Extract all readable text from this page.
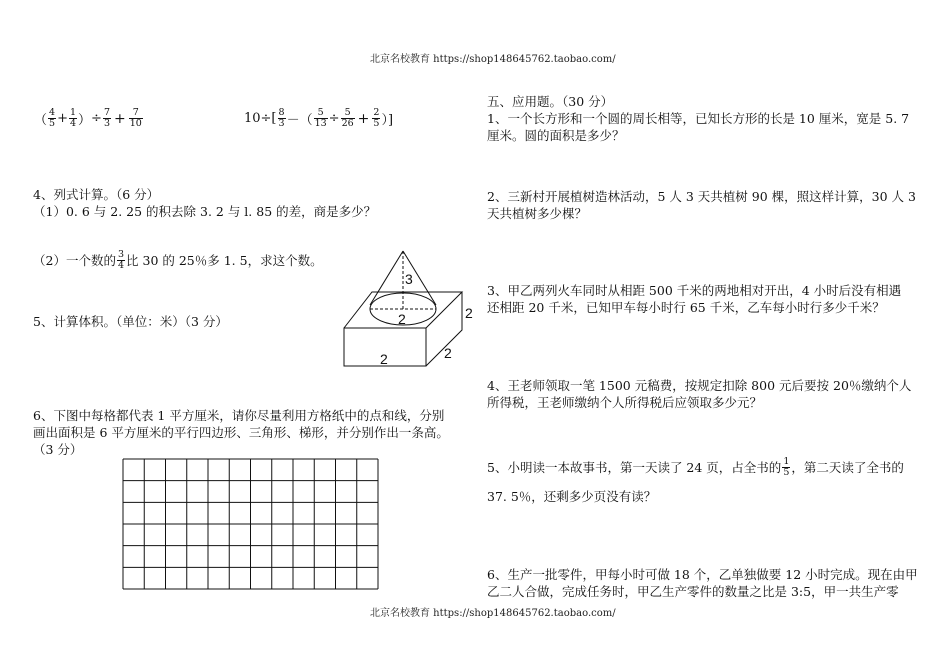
北京名校教育 https://shop148645762.taobao.com/
（ $\frac{4}{5} + \frac{1}{4}$ ） ÷ $\frac{7}{3} + \frac{7}{10}$	$10\div[ \frac{8}{3}$ －（ $\frac{5}{13} \div \frac{5}{26} + \frac{2}{5}$ ）]
4、列式计算。（6 分）
（1）0. 6 与 2. 25 的积去除 3. 2 与 l. 85 的差，商是多少？
（2）一个数的 $\frac{3}{4}$ 比 30 的 25％多 1. 5，求这个数。
5、计算体积。（单位：米）（3 分）
3
2
2	2
2
6、下图中每格都代表 1 平方厘米，请你尽量利用方格纸中的点和线，分别
画出面积是 6 平方厘米的平行四边形、三角形、梯形，并分别作出一条高。
（3 分）
五、应用题。（30 分）
1、一个长方形和一个圆的周长相等，已知长方形的长是 10 厘米，宽是 5. 7
厘米。圆的面积是多少？
2、三新村开展植树造林活动，5 人 3 天共植树 90 棵，照这样计算，30 人 3
天共植树多少棵？
3、甲乙两列火车同时从相距 500 千米的两地相对开出，4 小时后没有相遇
还相距 20 千米，已知甲车每小时行 65 千米，乙车每小时行多少千米？
4、王老师领取一笔 1500 元稿费，按规定扣除 800 元后要按 20％缴纳个人
所得税，王老师缴纳个人所得税后应领取多少元？
5、小明读一本故事书，第一天读了 24 页，占全书的 $\frac{1}{5}$ ，第二天读了全书的
37. 5％，还剩多少页没有读？
6、生产一批零件，甲每小时可做 18 个，乙单独做要 12 小时完成。现在由甲
乙二人合做，完成任务时，甲乙生产零件的数量之比是 3:5，甲一共生产零
北京名校教育 https://shop148645762.taobao.com/
